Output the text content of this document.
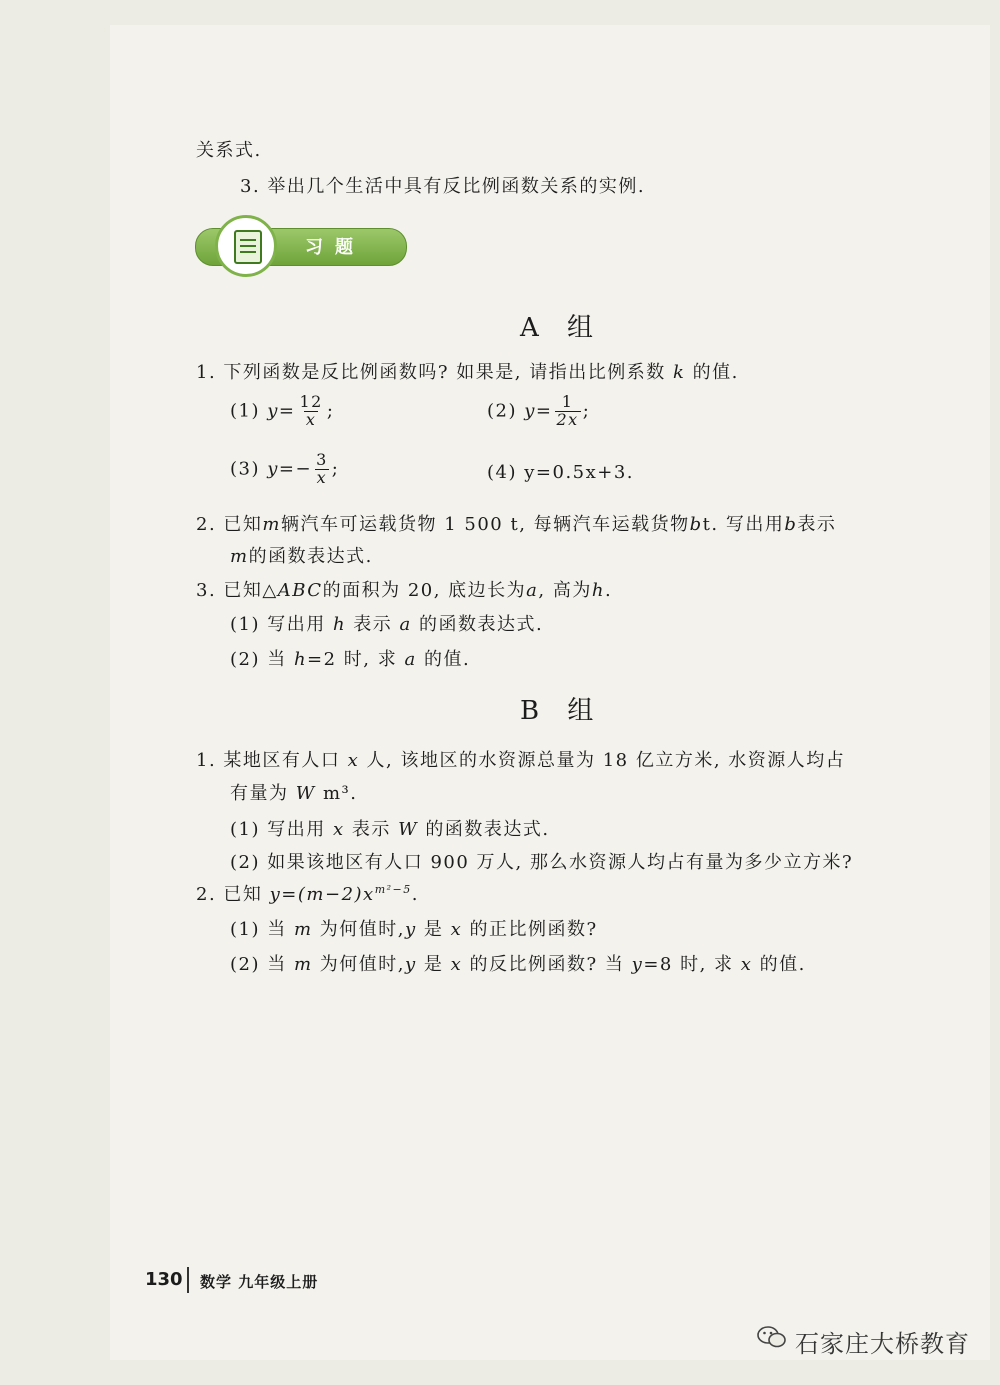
关系式.
3. 举出几个生活中具有反比例函数关系的实例.
习题
A 组
1. 下列函数是反比例函数吗? 如果是, 请指出比例系数 k 的值.
(1) $y= \frac{12}{x}$ ;	(2) $y= \frac{1}{2x}$ ;
(3) $y=- \frac{3}{x}$ ;	(4) y=0.5x+3.
2. 已知m辆汽车可运载货物 1 500 t, 每辆汽车运载货物bt. 写出用b表示
m的函数表达式.
3. 已知△ABC的面积为 20, 底边长为a, 高为h.
(1) 写出用 h 表示 a 的函数表达式.
(2) 当 h=2 时, 求 a 的值.
B 组
1. 某地区有人口 x 人, 该地区的水资源总量为 18 亿立方米, 水资源人均占
有量为 W m³.
(1) 写出用 x 表示 W 的函数表达式.
(2) 如果该地区有人口 900 万人, 那么水资源人均占有量为多少立方米?
2. 已知 $y=(m-2)x^{m^2-5}$.
(1) 当 m 为何值时,y 是 x 的正比例函数?
(2) 当 m 为何值时,y 是 x 的反比例函数? 当 y=8 时, 求 x 的值.
130 数学 九年级上册
石家庄大桥教育
